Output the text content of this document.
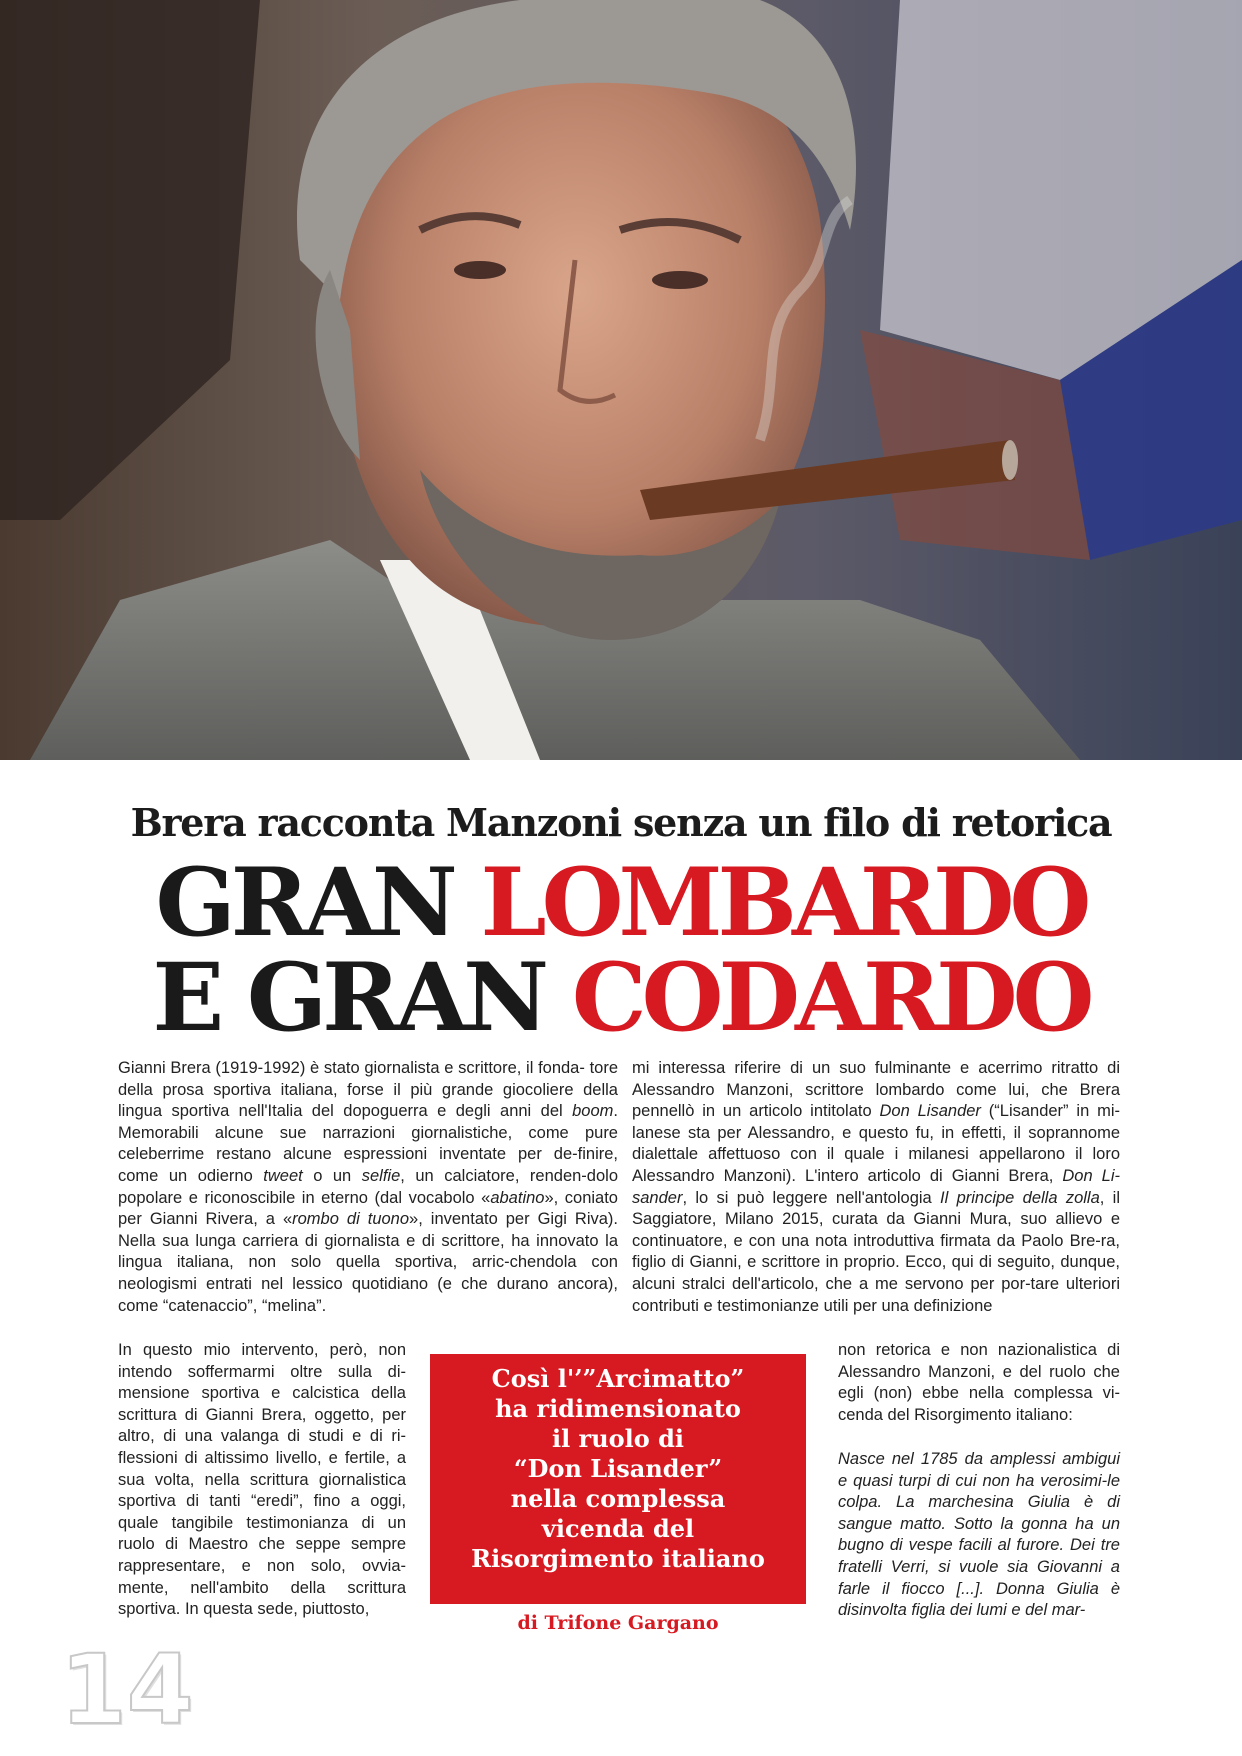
Brera racconta Manzoni senza un filo di retorica
GRAN LOMBARDO
E GRAN CODARDO

Gianni Brera (1919-1992) è stato giornalista e scrittore, il fonda- tore della prosa sportiva italiana, forse il più grande giocoliere della lingua sportiva nell'Italia del dopoguerra e degli anni del boom. Memorabili alcune sue narrazioni giornalistiche, come pure celeberrime restano alcune espressioni inventate per de-finire, come un odierno tweet o un selfie, un calciatore, renden-dolo popolare e riconoscibile in eterno (dal vocabolo «abatino», coniato per Gianni Rivera, a «rombo di tuono», inventato per Gigi Riva). Nella sua lunga carriera di giornalista e di scrittore, ha innovato la lingua italiana, non solo quella sportiva, arric-chendola con neologismi entrati nel lessico quotidiano (e che durano ancora), come “catenaccio”, “melina”.

In questo mio intervento, però, non intendo soffermarmi oltre sulla di-mensione sportiva e calcistica della scrittura di Gianni Brera, oggetto, per altro, di una valanga di studi e di ri-flessioni di altissimo livello, e fertile, a sua volta, nella scrittura giornalistica sportiva di tanti “eredi”, fino a oggi, quale tangibile testimonianza di un ruolo di Maestro che seppe sempre rappresentare, e non solo, ovvia-mente, nell'ambito della scrittura sportiva. In questa sede, piuttosto,

mi interessa riferire di un suo fulminante e acerrimo ritratto di Alessandro Manzoni, scrittore lombardo come lui, che Brera pennellò in un articolo intitolato Don Lisander (“Lisander” in mi-lanese sta per Alessandro, e questo fu, in effetti, il soprannome dialettale affettuoso con il quale i milanesi appellarono il loro Alessandro Manzoni). L'intero articolo di Gianni Brera, Don Li-sander, lo si può leggere nell'antologia Il principe della zolla, il Saggiatore, Milano 2015, curata da Gianni Mura, suo allievo e continuatore, e con una nota introduttiva firmata da Paolo Bre-ra, figlio di Gianni, e scrittore in proprio. Ecco, qui di seguito, dunque, alcuni stralci dell'articolo, che a me servono per por-tare ulteriori contributi e testimonianze utili per una definizione

non retorica e non nazionalistica di Alessandro Manzoni, e del ruolo che egli (non) ebbe nella complessa vi-cenda del Risorgimento italiano:

Nasce nel 1785 da amplessi ambigui e quasi turpi di cui non ha verosimi-le colpa. La marchesina Giulia è di sangue matto. Sotto la gonna ha un bugno di vespe facili al furore. Dei tre fratelli Verri, si vuole sia Giovanni a farle il fiocco [...]. Donna Giulia è disinvolta figlia dei lumi e del mar-

Così l'’”Arcimatto”
ha ridimensionato
il ruolo di
“Don Lisander”
nella complessa
vicenda del
Risorgimento italiano
di Trifone Gargano
14
